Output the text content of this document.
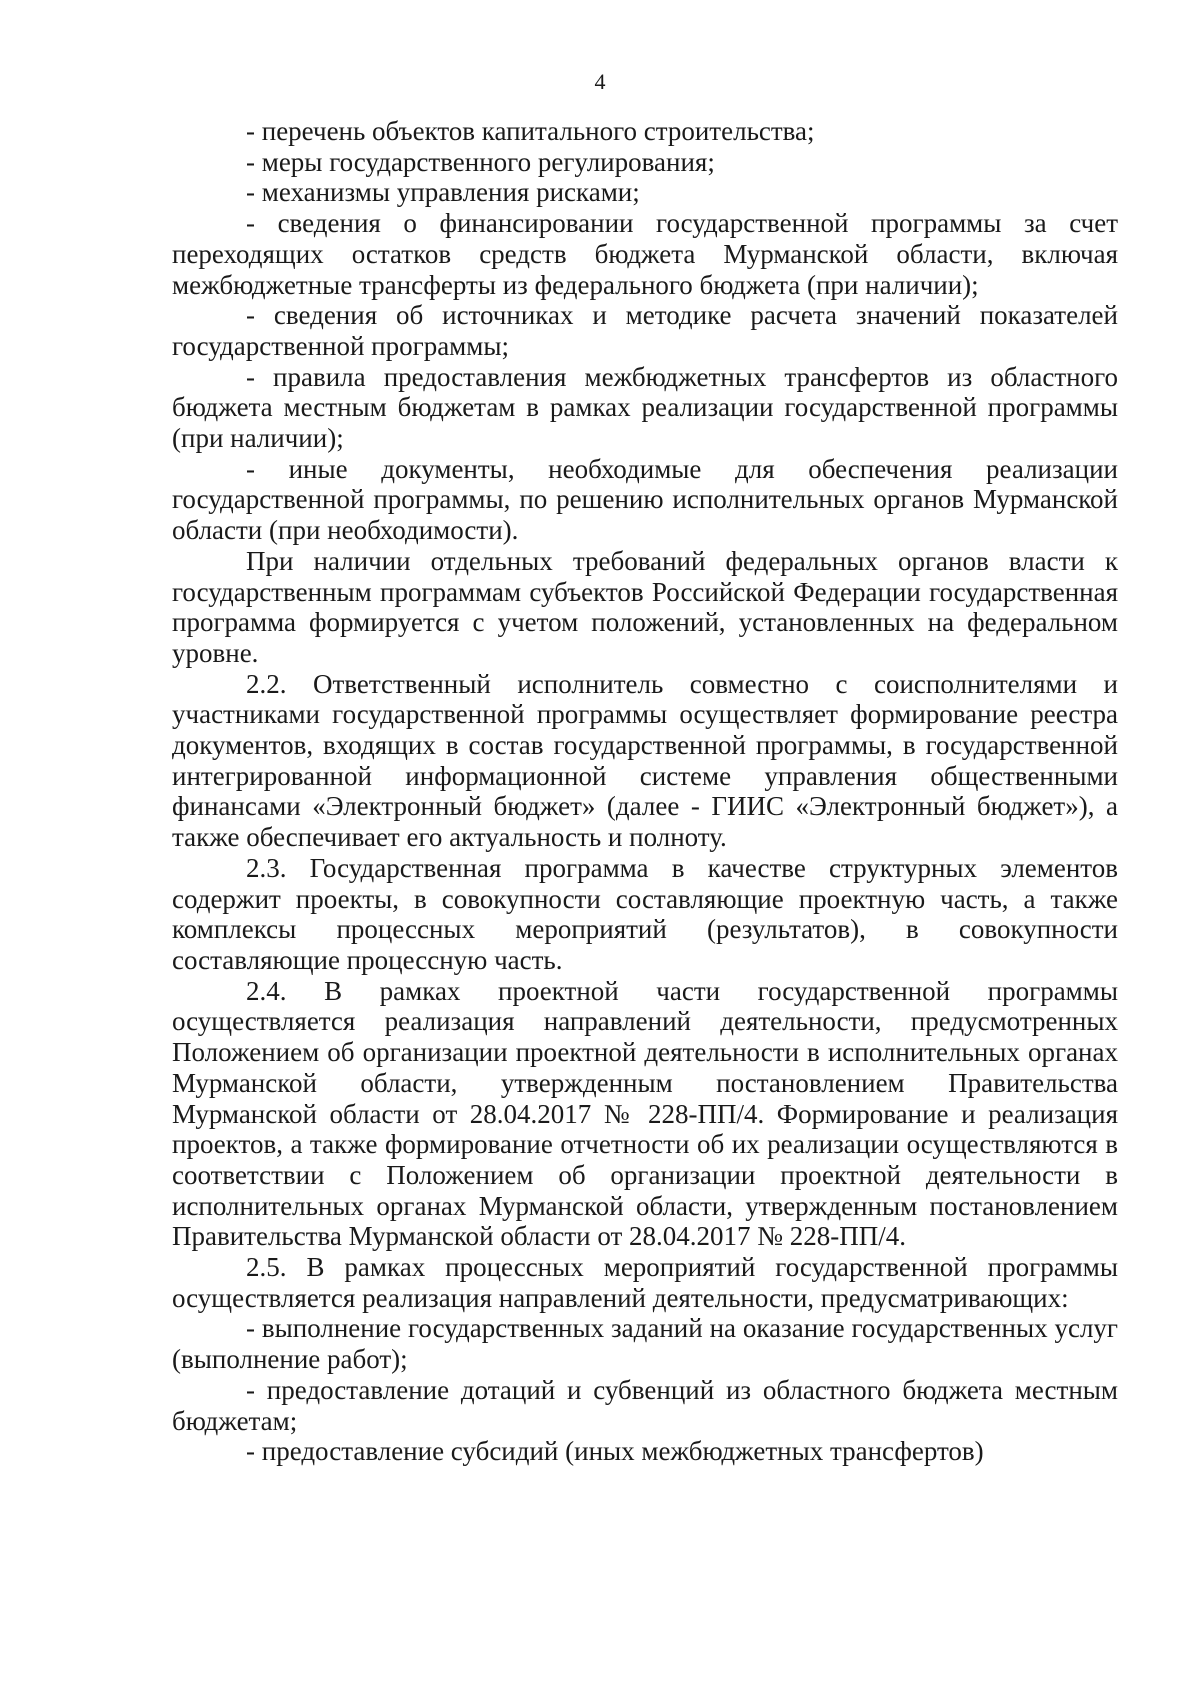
4

- перечень объектов капитального строительства;

- меры государственного регулирования;

- механизмы управления рисками;

- сведения о финансировании государственной программы за счет переходящих остатков средств бюджета Мурманской области, включая межбюджетные трансферты из федерального бюджета (при наличии);

- сведения об источниках и методике расчета значений показателей государственной программы;

- правила предоставления межбюджетных трансфертов из областного бюджета местным бюджетам в рамках реализации государственной программы (при наличии);

- иные документы, необходимые для обеспечения реализации государственной программы, по решению исполнительных органов Мурманской области (при необходимости).

При наличии отдельных требований федеральных органов власти к государственным программам субъектов Российской Федерации государственная программа формируется с учетом положений, установленных на федеральном уровне.

2.2. Ответственный исполнитель совместно с соисполнителями и участниками государственной программы осуществляет формирование реестра документов, входящих в состав государственной программы, в государственной интегрированной информационной системе управления общественными финансами «Электронный бюджет» (далее - ГИИС «Электронный бюджет»), а также обеспечивает его актуальность и полноту.

2.3. Государственная программа в качестве структурных элементов содержит проекты, в совокупности составляющие проектную часть, а также комплексы процессных мероприятий (результатов), в совокупности составляющие процессную часть.

2.4. В рамках проектной части государственной программы осуществляется реализация направлений деятельности, предусмотренных Положением об организации проектной деятельности в исполнительных органах Мурманской области, утвержденным постановлением Правительства Мурманской области от 28.04.2017 № 228-ПП/4. Формирование и реализация проектов, а также формирование отчетности об их реализации осуществляются в соответствии с Положением об организации проектной деятельности в исполнительных органах Мурманской области, утвержденным постановлением Правительства Мурманской области от 28.04.2017 № 228-ПП/4.

2.5. В рамках процессных мероприятий государственной программы осуществляется реализация направлений деятельности, предусматривающих:

- выполнение государственных заданий на оказание государственных услуг (выполнение работ);

- предоставление дотаций и субвенций из областного бюджета местным бюджетам;

- предоставление субсидий (иных межбюджетных трансфертов)
